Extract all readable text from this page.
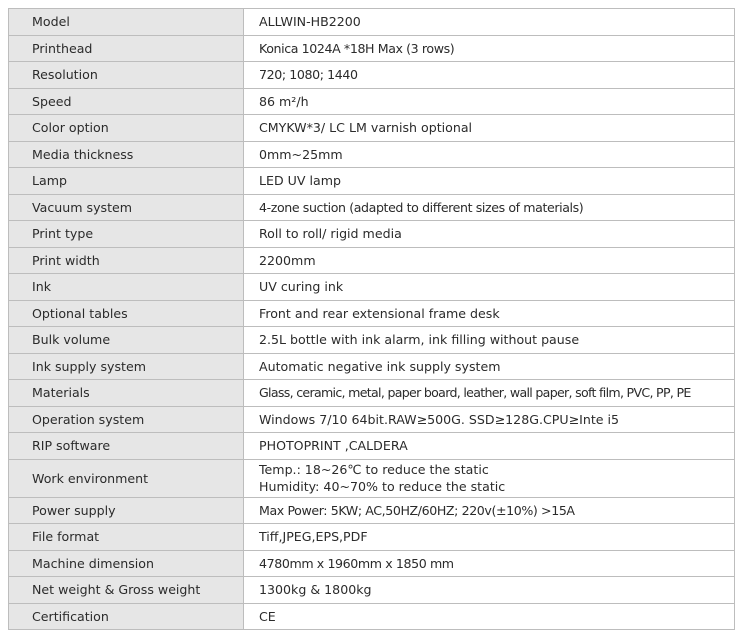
Model	ALLWIN-HB2200
Printhead	Konica 1024A *18H Max (3 rows)
Resolution	720; 1080; 1440
Speed	86 m²/h
Color option	CMYKW*3/ LC LM varnish optional
Media thickness	0mm~25mm
Lamp	LED UV lamp
Vacuum system	4-zone suction (adapted to different sizes of materials)
Print type	Roll to roll/ rigid media
Print width	2200mm
Ink	UV curing ink
Optional tables	Front and rear extensional frame desk
Bulk volume	2.5L bottle with ink alarm, ink filling without pause
Ink supply system	Automatic negative ink supply system
Materials	Glass, ceramic, metal, paper board, leather, wall paper, soft film, PVC, PP, PE
Operation system	Windows 7/10 64bit.RAW≥500G. SSD≥128G.CPU≥Inte i5
RIP software	PHOTOPRINT ,CALDERA
Work environment	Temp.: 18~26℃ to reduce the static
Humidity: 40~70% to reduce the static

Power supply	Max Power: 5KW; AC,50HZ/60HZ; 220v(±10%) >15A
File format	Tiff,JPEG,EPS,PDF
Machine dimension	4780mm x 1960mm x 1850 mm
Net weight & Gross weight	1300kg & 1800kg
Certification	CE
